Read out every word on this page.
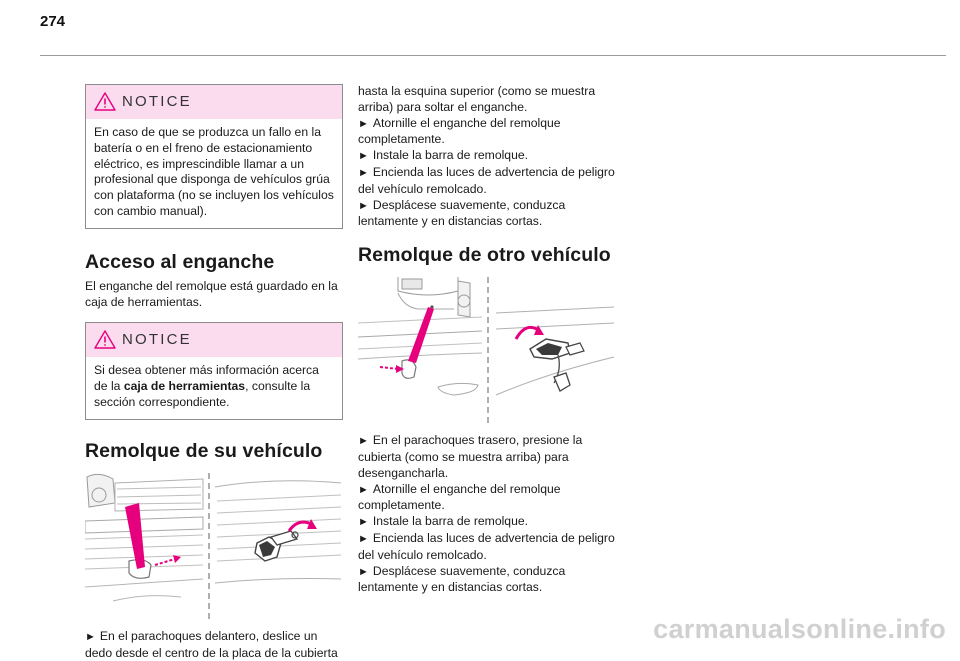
274
NOTICE
En caso de que se produzca un fallo en la batería o en el freno de estacionamiento eléctrico, es imprescindible llamar a un profesional que disponga de vehículos grúa con plataforma (no se incluyen los vehículos con cambio manual).
Acceso al enganche

El enganche del remolque está guardado en la caja de herramientas.

NOTICE
Si desea obtener más información acerca de la caja de herramientas, consulte la sección correspondiente.
Remolque de su vehículo

► En el parachoques delantero, deslice un dedo desde el centro de la placa de la cubierta

hasta la esquina superior (como se muestra arriba) para soltar el enganche.

► Atornille el enganche del remolque completamente.

► Instale la barra de remolque.

► Encienda las luces de advertencia de peligro del vehículo remolcado.

► Desplácese suavemente, conduzca lentamente y en distancias cortas.

Remolque de otro vehículo

► En el parachoques trasero, presione la cubierta (como se muestra arriba) para desengancharla.

► Atornille el enganche del remolque completamente.

► Instale la barra de remolque.

► Encienda las luces de advertencia de peligro del vehículo remolcado.

► Desplácese suavemente, conduzca lentamente y en distancias cortas.

carmanualsonline.info
